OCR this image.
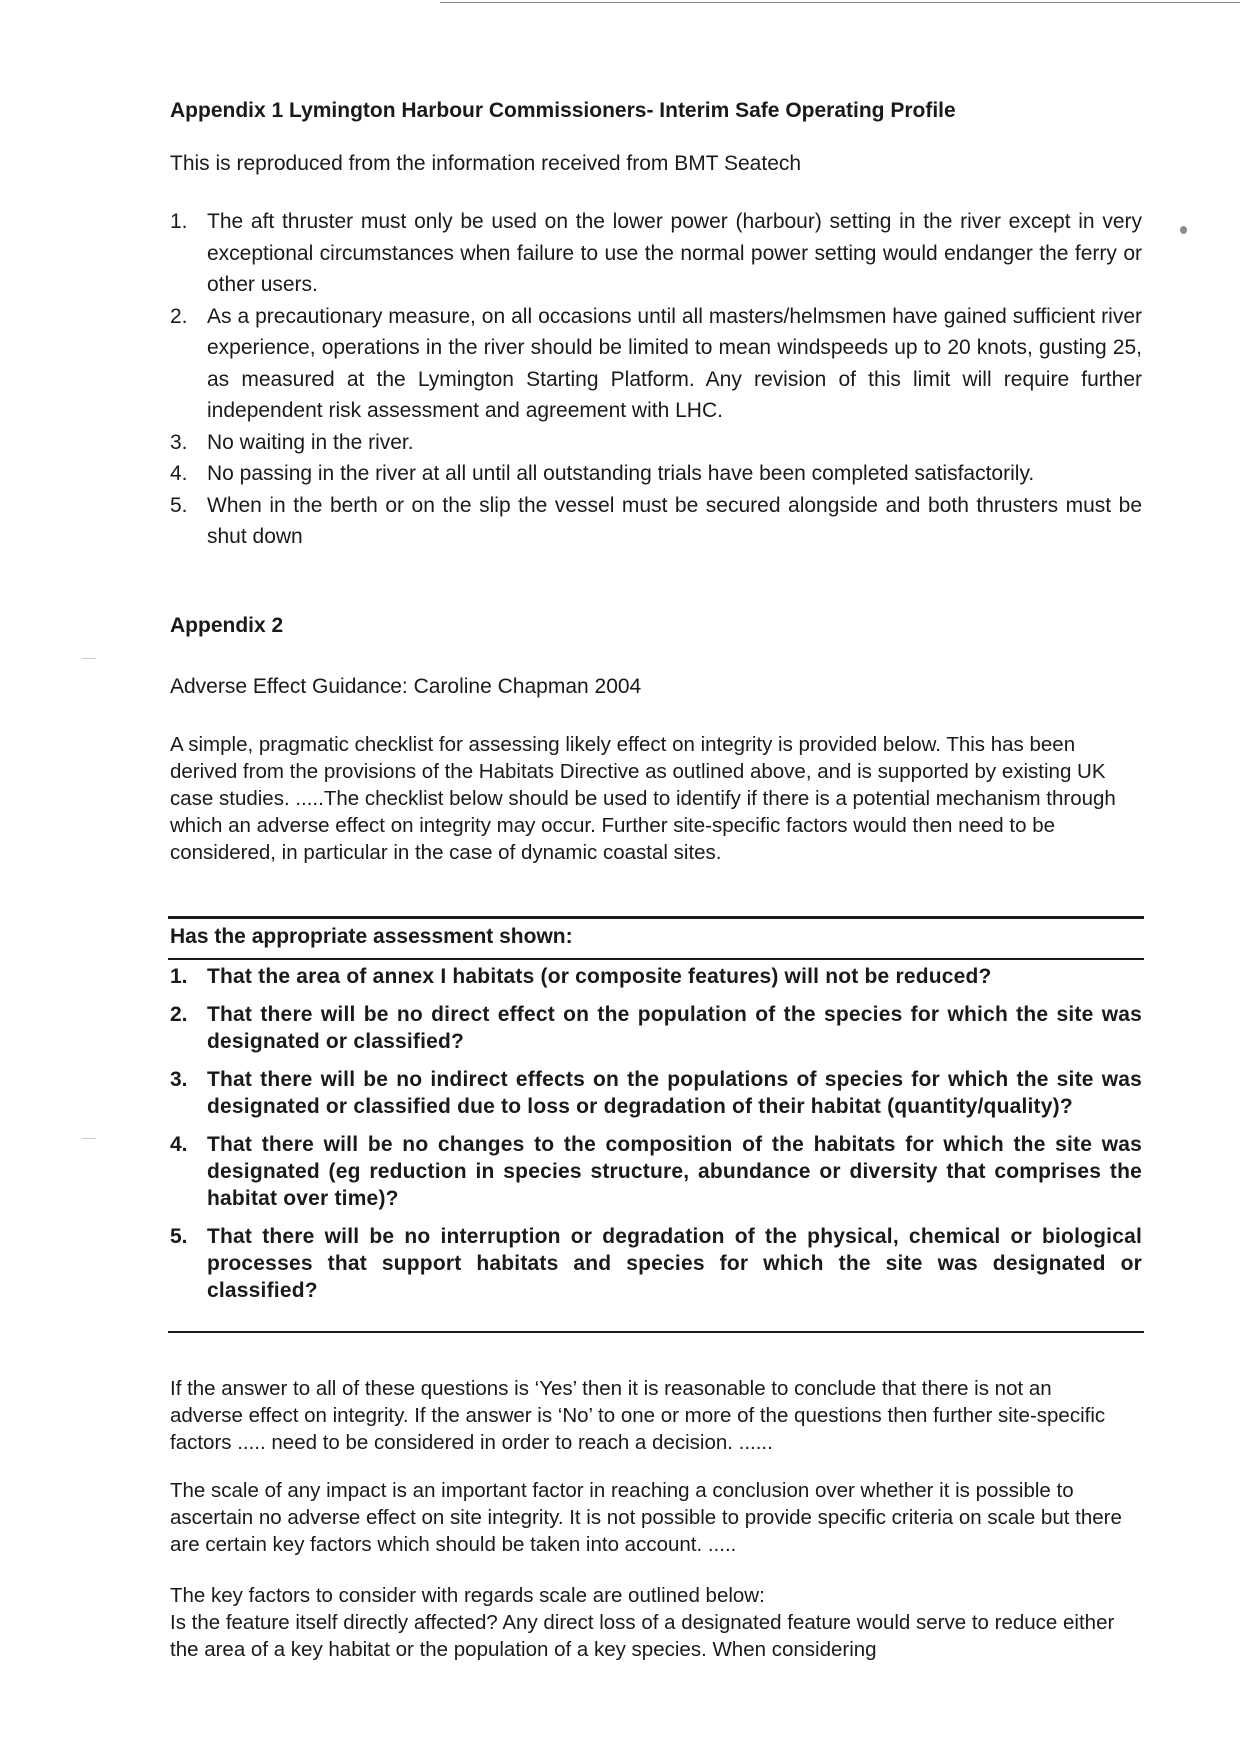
Appendix 1 Lymington Harbour Commissioners- Interim Safe Operating Profile
This is reproduced from the information received from BMT Seatech
1. The aft thruster must only be used on the lower power (harbour) setting in the river except in very exceptional circumstances when failure to use the normal power setting would endanger the ferry or other users.
2. As a precautionary measure, on all occasions until all masters/helmsmen have gained sufficient river experience, operations in the river should be limited to mean windspeeds up to 20 knots, gusting 25, as measured at the Lymington Starting Platform. Any revision of this limit will require further independent risk assessment and agreement with LHC.
3. No waiting in the river.
4. No passing in the river at all until all outstanding trials have been completed satisfactorily.
5. When in the berth or on the slip the vessel must be secured alongside and both thrusters must be shut down
Appendix 2
Adverse Effect Guidance: Caroline Chapman 2004
A simple, pragmatic checklist for assessing likely effect on integrity is provided below. This has been derived from the provisions of the Habitats Directive as outlined above, and is supported by existing UK case studies. .....The checklist below should be used to identify if there is a potential mechanism through which an adverse effect on integrity may occur. Further site-specific factors would then need to be considered, in particular in the case of dynamic coastal sites.
Has the appropriate assessment shown:
1. That the area of annex I habitats (or composite features) will not be reduced?
2. That there will be no direct effect on the population of the species for which the site was designated or classified?
3. That there will be no indirect effects on the populations of species for which the site was designated or classified due to loss or degradation of their habitat (quantity/quality)?
4. That there will be no changes to the composition of the habitats for which the site was designated (eg reduction in species structure, abundance or diversity that comprises the habitat over time)?
5. That there will be no interruption or degradation of the physical, chemical or biological processes that support habitats and species for which the site was designated or classified?
If the answer to all of these questions is ‘Yes’ then it is reasonable to conclude that there is not an adverse effect on integrity. If the answer is ‘No’ to one or more of the questions then further site-specific factors ..... need to be considered in order to reach a decision. ......
The scale of any impact is an important factor in reaching a conclusion over whether it is possible to ascertain no adverse effect on site integrity. It is not possible to provide specific criteria on scale but there are certain key factors which should be taken into account. .....
The key factors to consider with regards scale are outlined below:
Is the feature itself directly affected? Any direct loss of a designated feature would serve to reduce either the area of a key habitat or the population of a key species. When considering
